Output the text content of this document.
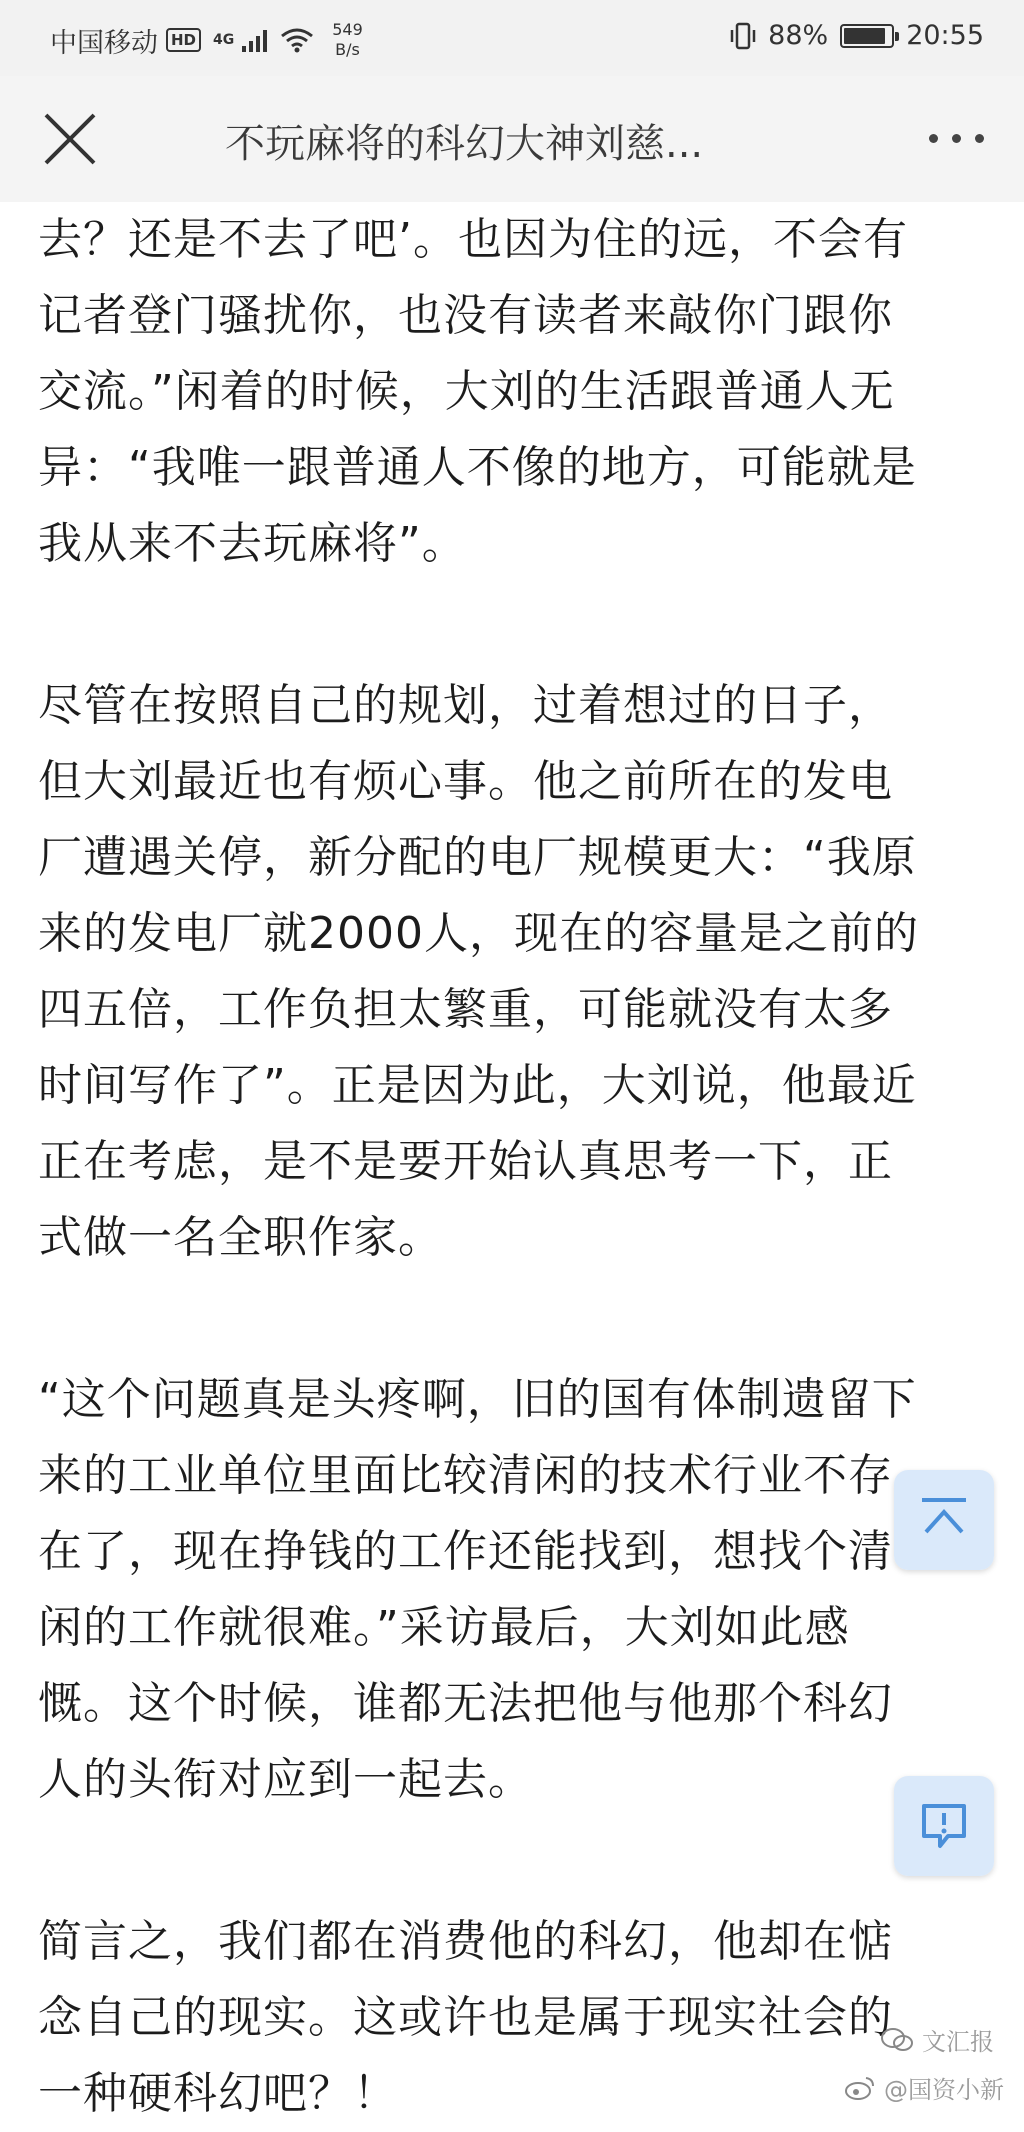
中国移动 HD	4G
549
B/s	88%	20:55
不玩麻将的科幻大神刘慈...
去？还是不去了吧’。也因为住的远，不会有
记者登门骚扰你，也没有读者来敲你门跟你
交流。”闲着的时候，大刘的生活跟普通人无
异：“我唯一跟普通人不像的地方，可能就是
我从来不去玩麻将”。
尽管在按照自己的规划，过着想过的日子，
但大刘最近也有烦心事。他之前所在的发电
厂遭遇关停，新分配的电厂规模更大：“我原
来的发电厂就2000人，现在的容量是之前的
四五倍，工作负担太繁重，可能就没有太多
时间写作了”。正是因为此，大刘说，他最近
正在考虑，是不是要开始认真思考一下，正
式做一名全职作家。
“这个问题真是头疼啊，旧的国有体制遗留下
来的工业单位里面比较清闲的技术行业不存
在了，现在挣钱的工作还能找到，想找个清
闲的工作就很难。”采访最后，大刘如此感
慨。这个时候，谁都无法把他与他那个科幻
人的头衔对应到一起去。
简言之，我们都在消费他的科幻，他却在惦
念自己的现实。这或许也是属于现实社会的
一种硬科幻吧？！
文汇报
@国资小新
